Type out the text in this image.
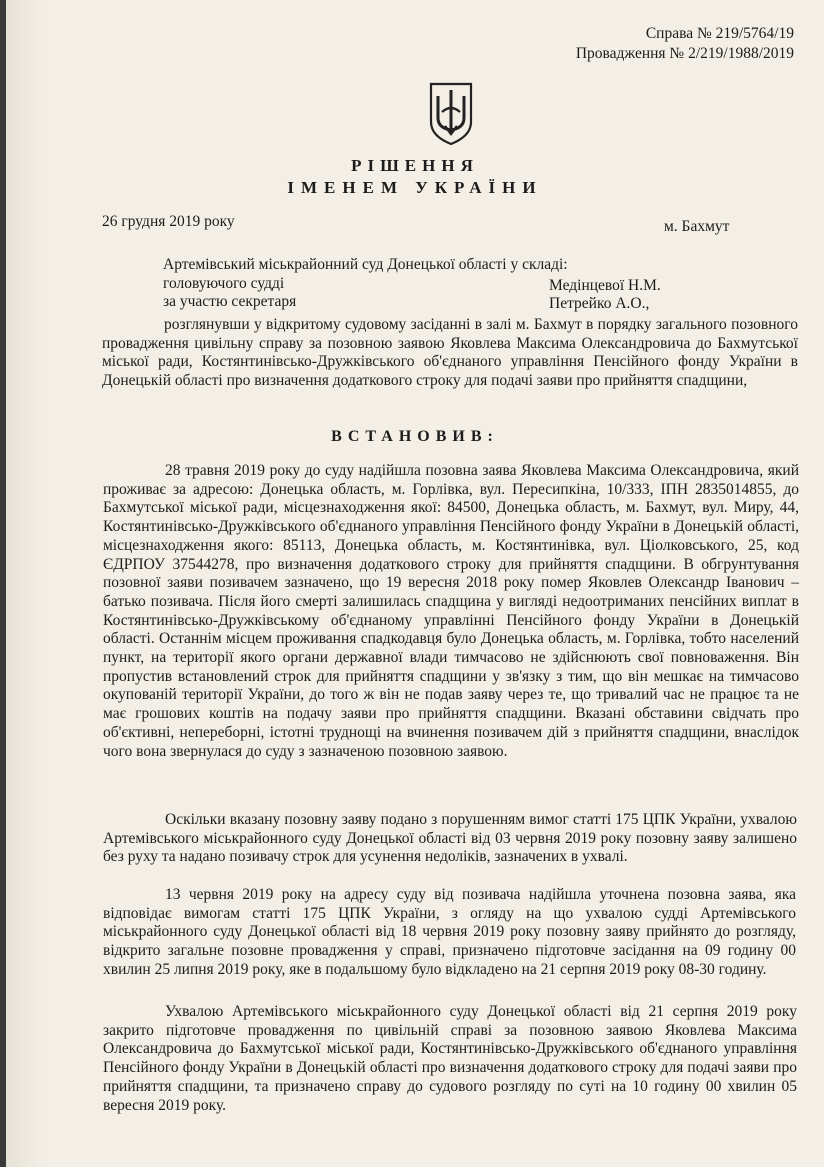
Справа № 219/5764/19
Провадження № 2/219/1988/2019
РІШЕННЯ
ІМЕНЕМ УКРАЇНИ
26 грудня 2019 року	м. Бахмут
Артемівський міськрайонний суд Донецької області у складі:
головуючого судді	Медінцевої Н.М.
за участю секретаря	Петрейко А.О.,

розглянувши у відкритому судовому засіданні в залі м. Бахмут в порядку загального позовного провадження цивільну справу за позовною заявою Яковлева Максима Олександровича до Бахмутської міської ради, Костянтинівсько-Дружківського об'єднаного управління Пенсійного фонду України в Донецькій області про визначення додаткового строку для подачі заяви про прийняття спадщини,

ВСТАНОВИВ:

28 травня 2019 року до суду надійшла позовна заява Яковлева Максима Олександровича, який проживає за адресою: Донецька область, м. Горлівка, вул. Пересипкіна, 10/333, ІПН 2835014855, до Бахмутської міської ради, місцезнаходження якої: 84500, Донецька область, м. Бахмут, вул. Миру, 44, Костянтинівсько-Дружківського об'єднаного управління Пенсійного фонду України в Донецькій області, місцезнаходження якого: 85113, Донецька область, м. Костянтинівка, вул. Ціолковського, 25, код ЄДРПОУ 37544278, про визначення додаткового строку для прийняття спадщини. В обгрунтування позовної заяви позивачем зазначено, що 19 вересня 2018 року помер Яковлев Олександр Іванович – батько позивача. Після його смерті залишилась спадщина у вигляді недоотриманих пенсійних виплат в Костянтинівсько-Дружківському об'єднаному управлінні Пенсійного фонду України в Донецькій області. Останнім місцем проживання спадкодавця було Донецька область, м. Горлівка, тобто населений пункт, на території якого органи державної влади тимчасово не здійснюють свої повноваження. Він пропустив встановлений строк для прийняття спадщини у зв'язку з тим, що він мешкає на тимчасово окупованій території України, до того ж він не подав заяву через те, що тривалий час не працює та не має грошових коштів на подачу заяви про прийняття спадщини. Вказані обставини свідчать про об'єктивні, непереборні, істотні труднощі на вчинення позивачем дій з прийняття спадщини, внаслідок чого вона звернулася до суду з зазначеною позовною заявою.

Оскільки вказану позовну заяву подано з порушенням вимог статті 175 ЦПК України, ухвалою Артемівського міськрайонного суду Донецької області від 03 червня 2019 року позовну заяву залишено без руху та надано позивачу строк для усунення недоліків, зазначених в ухвалі.

13 червня 2019 року на адресу суду від позивача надійшла уточнена позовна заява, яка відповідає вимогам статті 175 ЦПК України, з огляду на що ухвалою судді Артемівського міськрайонного суду Донецької області від 18 червня 2019 року позовну заяву прийнято до розгляду, відкрито загальне позовне провадження у справі, призначено підготовче засідання на 09 годину 00 хвилин 25 липня 2019 року, яке в подальшому було відкладено на 21 серпня 2019 року 08-30 годину.

Ухвалою Артемівського міськрайонного суду Донецької області від 21 серпня 2019 року закрито підготовче провадження по цивільній справі за позовною заявою Яковлева Максима Олександровича до Бахмутської міської ради, Костянтинівсько-Дружківського об'єднаного управління Пенсійного фонду України в Донецькій області про визначення додаткового строку для подачі заяви про прийняття спадщини, та призначено справу до судового розгляду по суті на 10 годину 00 хвилин 05 вересня 2019 року.
